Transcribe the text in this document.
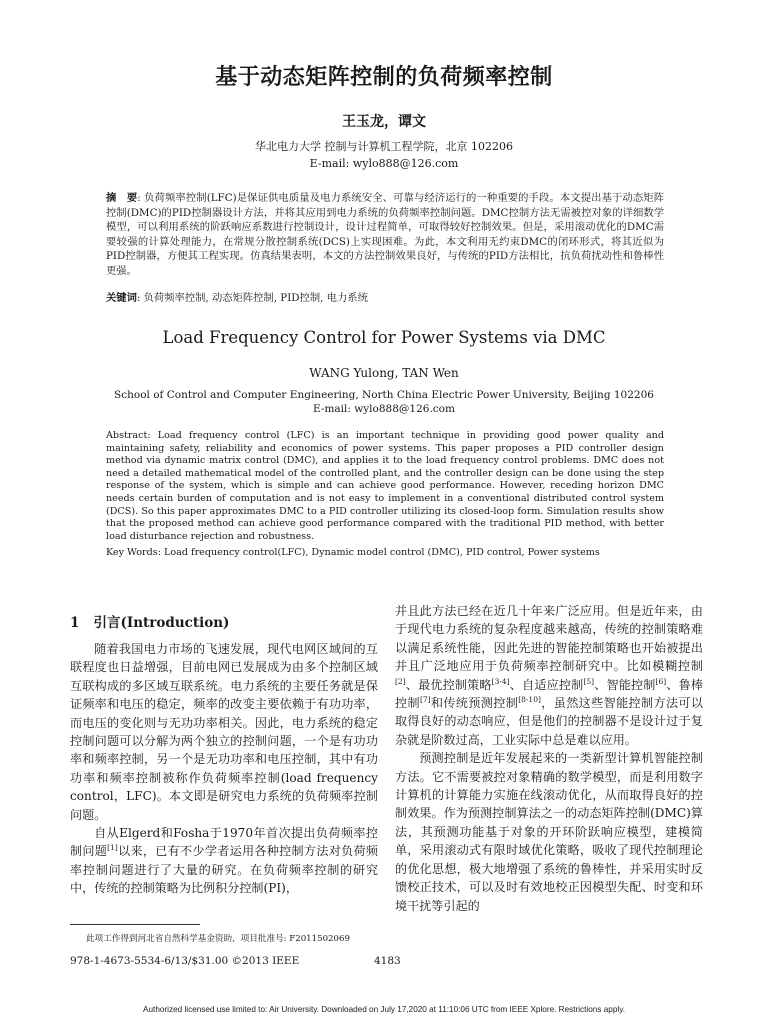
基于动态矩阵控制的负荷频率控制
王玉龙，谭文
华北电力大学 控制与计算机工程学院，北京 102206
E-mail: wylo888@126.com
摘　要: 负荷频率控制(LFC)是保证供电质量及电力系统安全、可靠与经济运行的一种重要的手段。本文提出基于动态矩阵控制(DMC)的PID控制器设计方法，并将其应用到电力系统的负荷频率控制问题。DMC控制方法无需被控对象的详细数学模型，可以利用系统的阶跃响应系数进行控制设计，设计过程简单，可取得较好控制效果。但是，采用滚动优化的DMC需要较强的计算处理能力，在常规分散控制系统(DCS)上实现困难。为此，本文利用无约束DMC的闭环形式，将其近似为PID控制器，方便其工程实现。仿真结果表明，本文的方法控制效果良好，与传统的PID方法相比，抗负荷扰动性和鲁棒性更强。
关键词: 负荷频率控制, 动态矩阵控制, PID控制, 电力系统
Load Frequency Control for Power Systems via DMC
WANG Yulong, TAN Wen
School of Control and Computer Engineering, North China Electric Power University, Beijing 102206
E-mail: wylo888@126.com
Abstract: Load frequency control (LFC) is an important technique in providing good power quality and maintaining safety, reliability and economics of power systems. This paper proposes a PID controller design method via dynamic matrix control (DMC), and applies it to the load frequency control problems. DMC does not need a detailed mathematical model of the controlled plant, and the controller design can be done using the step response of the system, which is simple and can achieve good performance. However, receding horizon DMC needs certain burden of computation and is not easy to implement in a conventional distributed control system (DCS). So this paper approximates DMC to a PID controller utilizing its closed-loop form. Simulation results show that the proposed method can achieve good performance compared with the traditional PID method, with better load disturbance rejection and robustness.
Key Words: Load frequency control(LFC), Dynamic model control (DMC), PID control, Power systems
1 引言(Introduction)

随着我国电力市场的飞速发展，现代电网区域间的互联程度也日益增强，目前电网已发展成为由多个控制区域互联构成的多区域互联系统。电力系统的主要任务就是保证频率和电压的稳定，频率的改变主要依赖于有功功率，而电压的变化则与无功功率相关。因此，电力系统的稳定控制问题可以分解为两个独立的控制问题，一个是有功功率和频率控制，另一个是无功功率和电压控制，其中有功功率和频率控制被称作负荷频率控制(load frequency control，LFC)。本文即是研究电力系统的负荷频率控制问题。

自从Elgerd和Fosha于1970年首次提出负荷频率控制问题[1]以来，已有不少学者运用各种控制方法对负荷频率控制问题进行了大量的研究。在负荷频率控制的研究中，传统的控制策略为比例积分控制(PI)，

并且此方法已经在近几十年来广泛应用。但是近年来，由于现代电力系统的复杂程度越来越高，传统的控制策略难以满足系统性能，因此先进的智能控制策略也开始被提出并且广泛地应用于负荷频率控制研究中。比如模糊控制[2]、最优控制策略[3-4]、自适应控制[5]、智能控制[6]、鲁棒控制[7]和传统预测控制[8-10]，虽然这些智能控制方法可以取得良好的动态响应，但是他们的控制器不是设计过于复杂就是阶数过高，工业实际中总是难以应用。

预测控制是近年发展起来的一类新型计算机智能控制方法。它不需要被控对象精确的数学模型，而是利用数字计算机的计算能力实施在线滚动优化，从而取得良好的控制效果。作为预测控制算法之一的动态矩阵控制(DMC)算法，其预测功能基于对象的开环阶跃响应模型，建模简单，采用滚动式有限时域优化策略，吸收了现代控制理论的优化思想，极大地增强了系统的鲁棒性，并采用实时反馈校正技术，可以及时有效地校正因模型失配、时变和环境干扰等引起的

此项工作得到河北省自然科学基金资助，项目批准号: F2011502069
978-1-4673-5534-6/13/$31.00 ©2013 IEEE	4183
Authorized licensed use limited to: Air University. Downloaded on July 17,2020 at 11:10:06 UTC from IEEE Xplore. Restrictions apply.
